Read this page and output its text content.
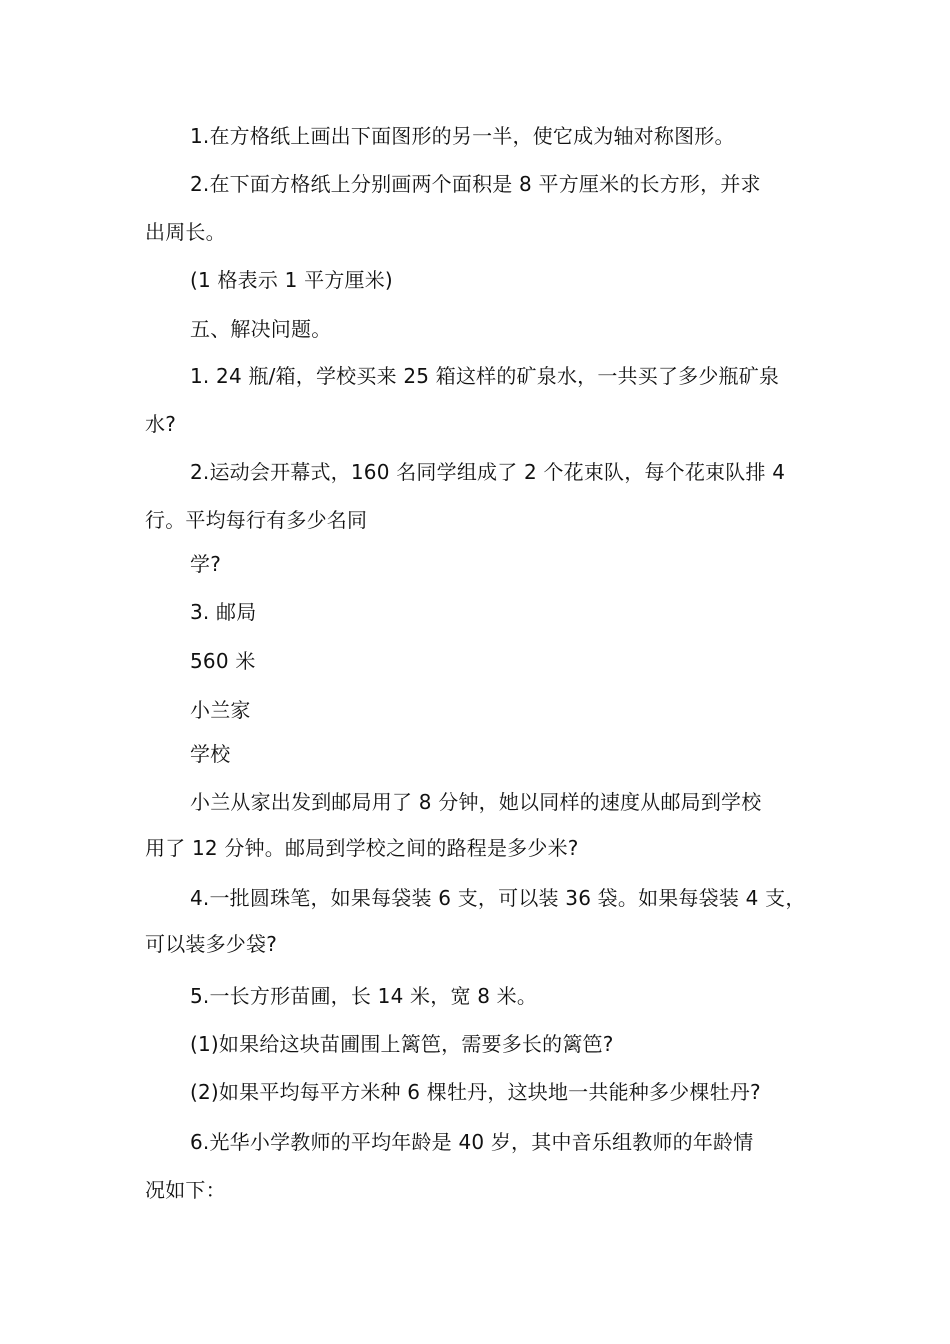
1.在方格纸上画出下面图形的另一半，使它成为轴对称图形。
2.在下面方格纸上分别画两个面积是 8 平方厘米的长方形，并求
出周长。
(1 格表示 1 平方厘米)
五、解决问题。
1. 24 瓶/箱，学校买来 25 箱这样的矿泉水，一共买了多少瓶矿泉
水?
2.运动会开幕式，160 名同学组成了 2 个花束队，每个花束队排 4
行。平均每行有多少名同
学?
3. 邮局
560 米
小兰家
学校
小兰从家出发到邮局用了 8 分钟，她以同样的速度从邮局到学校
用了 12 分钟。邮局到学校之间的路程是多少米?
4.一批圆珠笔，如果每袋装 6 支，可以装 36 袋。如果每袋装 4 支，
可以装多少袋?
5.一长方形苗圃，长 14 米，宽 8 米。
(1)如果给这块苗圃围上篱笆，需要多长的篱笆?
(2)如果平均每平方米种 6 棵牡丹，这块地一共能种多少棵牡丹?
6.光华小学教师的平均年龄是 40 岁，其中音乐组教师的年龄情
况如下：
